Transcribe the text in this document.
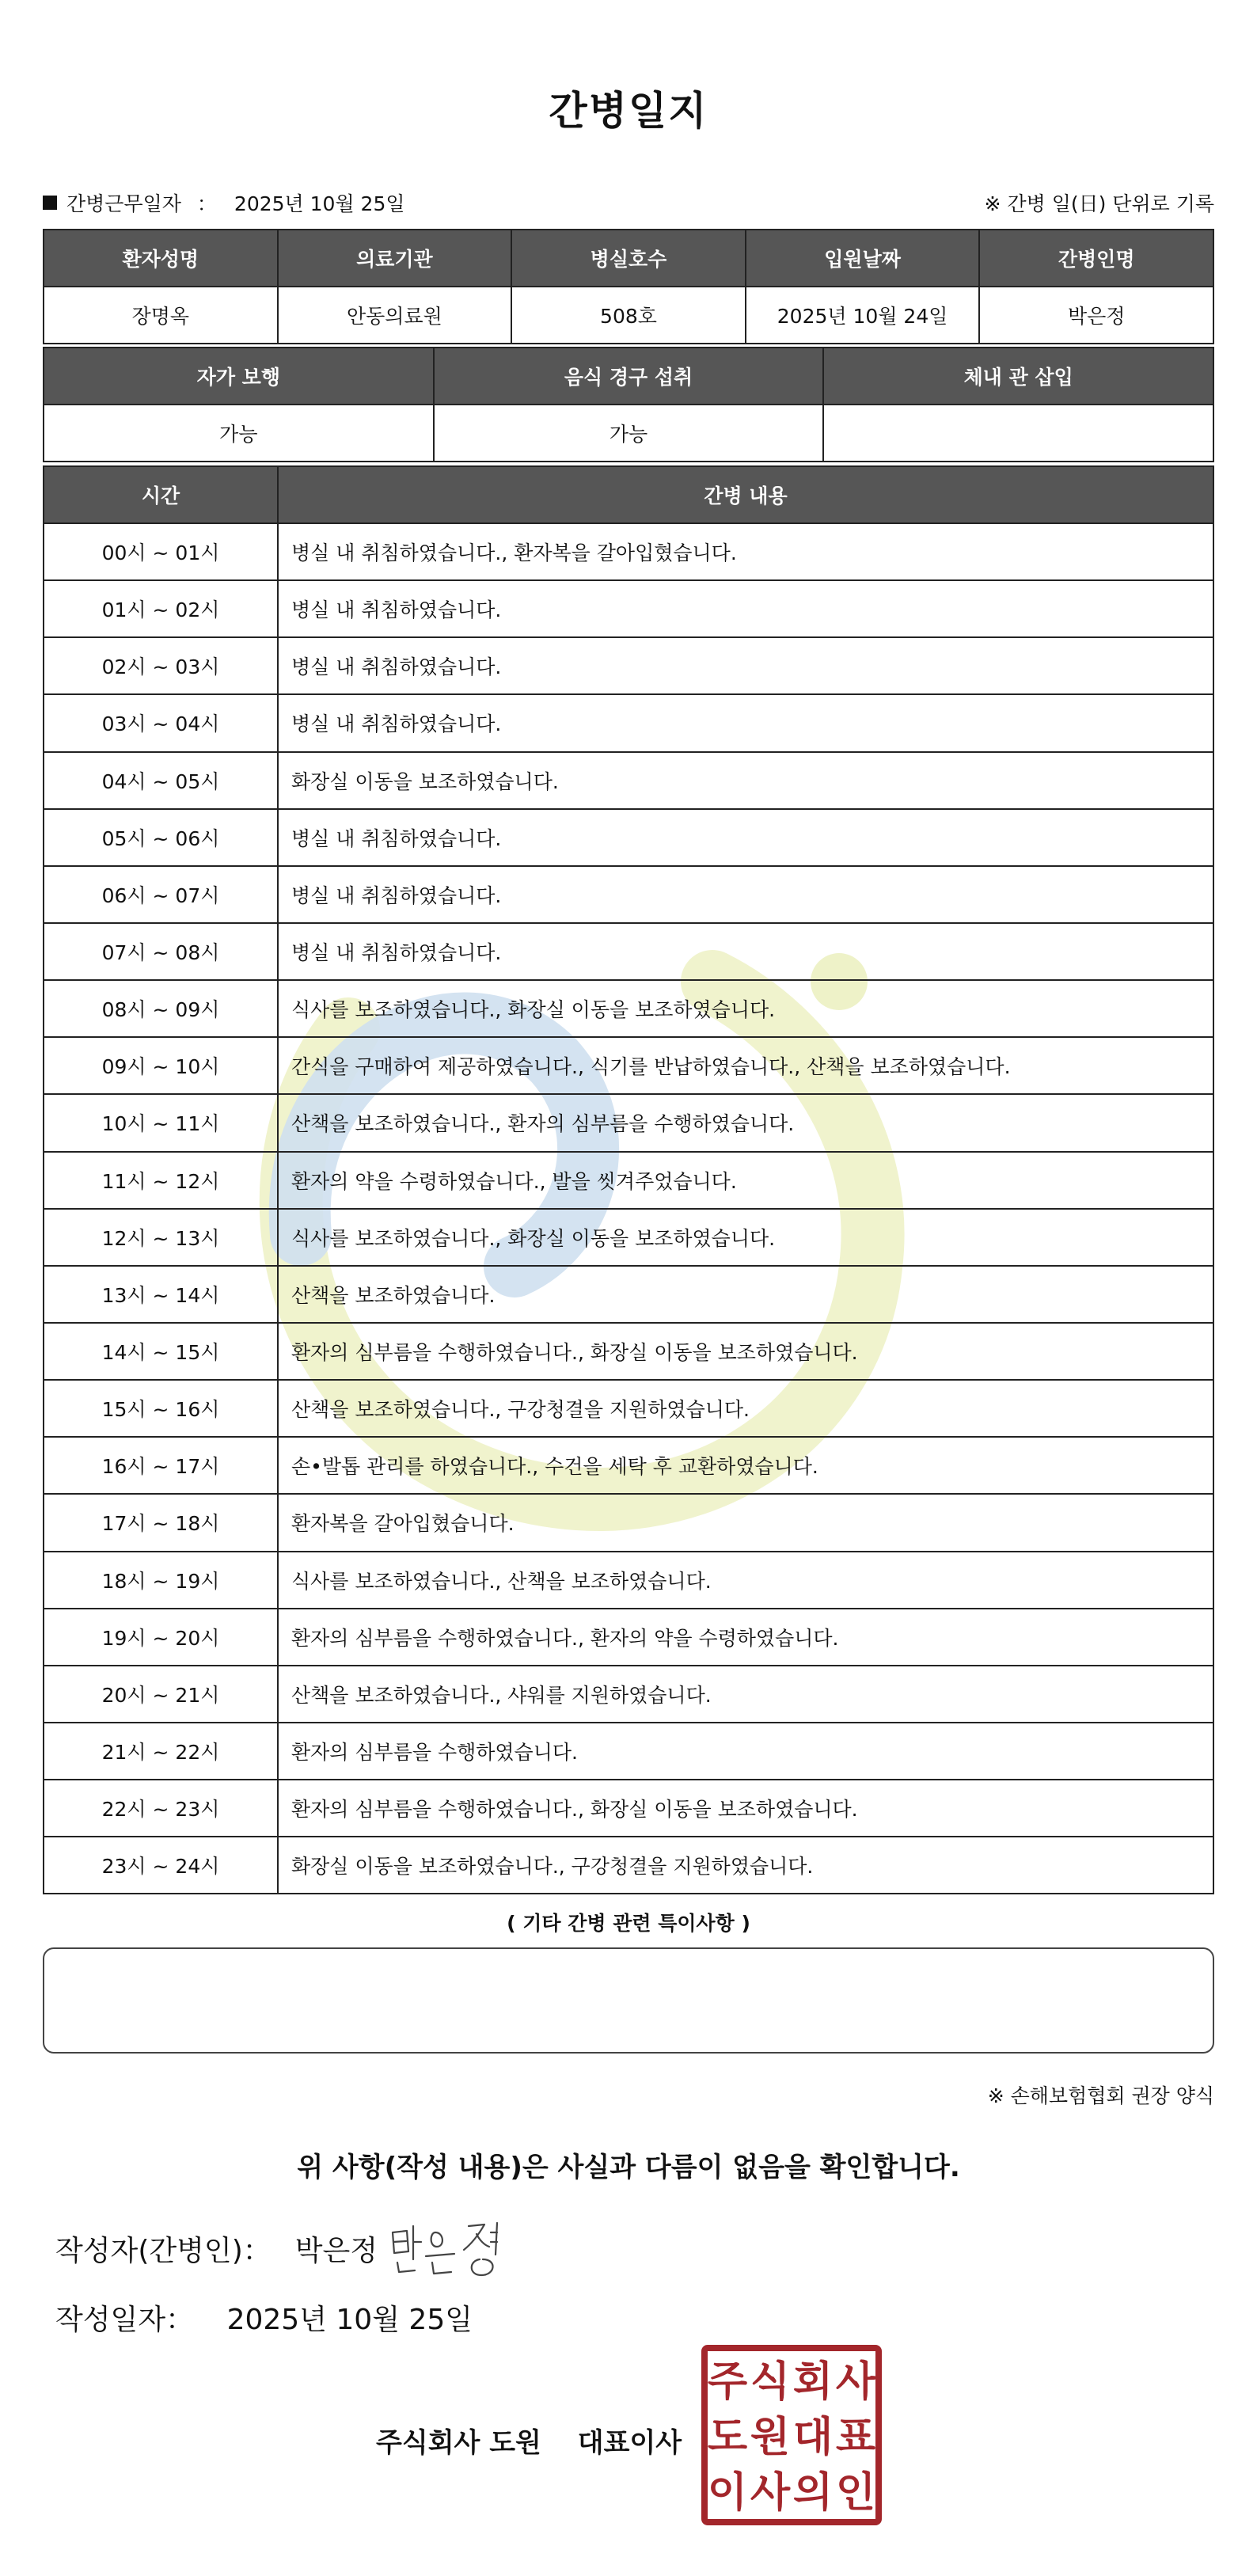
간병일지
간병근무일자 ： 2025년 10월 25일	※ 간병 일(日) 단위로 기록
환자성명	의료기관	병실호수	입원날짜	간병인명
장명옥	안동의료원	508호	2025년 10월 24일	박은정
자가 보행	음식 경구 섭취	체내 관 삽입
가능	가능	
시간	간병 내용
00시 ~ 01시	병실 내 취침하였습니다., 환자복을 갈아입혔습니다.
01시 ~ 02시	병실 내 취침하였습니다.
02시 ~ 03시	병실 내 취침하였습니다.
03시 ~ 04시	병실 내 취침하였습니다.
04시 ~ 05시	화장실 이동을 보조하였습니다.
05시 ~ 06시	병실 내 취침하였습니다.
06시 ~ 07시	병실 내 취침하였습니다.
07시 ~ 08시	병실 내 취침하였습니다.
08시 ~ 09시	식사를 보조하였습니다., 화장실 이동을 보조하였습니다.
09시 ~ 10시	간식을 구매하여 제공하였습니다., 식기를 반납하였습니다., 산책을 보조하였습니다.
10시 ~ 11시	산책을 보조하였습니다., 환자의 심부름을 수행하였습니다.
11시 ~ 12시	환자의 약을 수령하였습니다., 발을 씻겨주었습니다.
12시 ~ 13시	식사를 보조하였습니다., 화장실 이동을 보조하였습니다.
13시 ~ 14시	산책을 보조하였습니다.
14시 ~ 15시	환자의 심부름을 수행하였습니다., 화장실 이동을 보조하였습니다.
15시 ~ 16시	산책을 보조하였습니다., 구강청결을 지원하였습니다.
16시 ~ 17시	손•발톱 관리를 하였습니다., 수건을 세탁 후 교환하였습니다.
17시 ~ 18시	환자복을 갈아입혔습니다.
18시 ~ 19시	식사를 보조하였습니다., 산책을 보조하였습니다.
19시 ~ 20시	환자의 심부름을 수행하였습니다., 환자의 약을 수령하였습니다.
20시 ~ 21시	산책을 보조하였습니다., 샤워를 지원하였습니다.
21시 ~ 22시	환자의 심부름을 수행하였습니다.
22시 ~ 23시	환자의 심부름을 수행하였습니다., 화장실 이동을 보조하였습니다.
23시 ~ 24시	화장실 이동을 보조하였습니다., 구강청결을 지원하였습니다.
( 기타 간병 관련 특이사항 )
※ 손해보험협회 권장 양식
위 사항(작성 내용)은 사실과 다름이 없음을 확인합니다.
작성자(간병인)： 박은정
작성일자： 2025년 10월 25일
주식회사 도원 대표이사
주 식 회 사
도 원 대 표
이 사 의 인
